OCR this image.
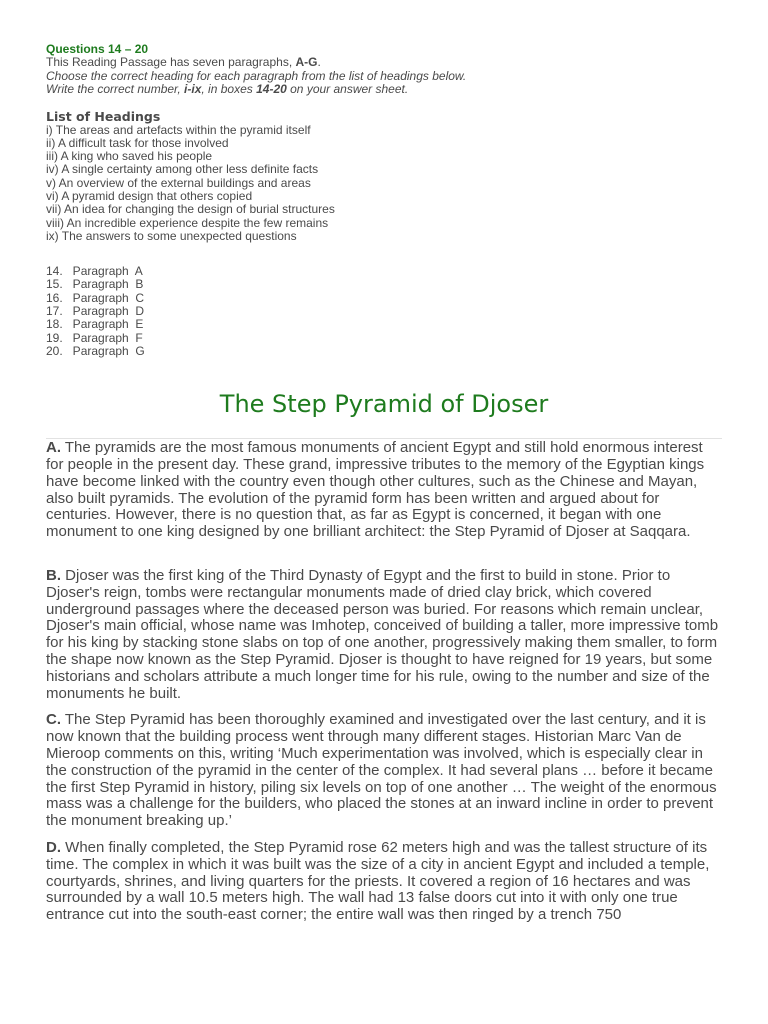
Questions 14 – 20
This Reading Passage has seven paragraphs, A-G.
Choose the correct heading for each paragraph from the list of headings below.
Write the correct number, i-ix, in boxes 14-20 on your answer sheet.
List of Headings
i) The areas and artefacts within the pyramid itself
ii) A difficult task for those involved
iii) A king who saved his people
iv) A single certainty among other less definite facts
v) An overview of the external buildings and areas
vi) A pyramid design that others copied
vii) An idea for changing the design of burial structures
viii) An incredible experience despite the few remains
ix) The answers to some unexpected questions
14.   Paragraph  A
15.   Paragraph  B
16.   Paragraph  C
17.   Paragraph  D
18.   Paragraph  E
19.   Paragraph  F
20.   Paragraph  G
The Step Pyramid of Djoser

A. The pyramids are the most famous monuments of ancient Egypt and still hold enormous interest for people in the present day. These grand, impressive tributes to the memory of the Egyptian kings have become linked with the country even though other cultures, such as the Chinese and Mayan, also built pyramids. The evolution of the pyramid form has been written and argued about for centuries. However, there is no question that, as far as Egypt is concerned, it began with one monument to one king designed by one brilliant architect: the Step Pyramid of Djoser at Saqqara.

B. Djoser was the first king of the Third Dynasty of Egypt and the first to build in stone. Prior to Djoser's reign, tombs were rectangular monuments made of dried clay brick, which covered underground passages where the deceased person was buried. For reasons which remain unclear, Djoser's main official, whose name was Imhotep, conceived of building a taller, more impressive tomb for his king by stacking stone slabs on top of one another, progressively making them smaller, to form the shape now known as the Step Pyramid. Djoser is thought to have reigned for 19 years, but some historians and scholars attribute a much longer time for his rule, owing to the number and size of the monuments he built.

C. The Step Pyramid has been thoroughly examined and investigated over the last century, and it is now known that the building process went through many different stages. Historian Marc Van de Mieroop comments on this, writing ‘Much experimentation was involved, which is especially clear in the construction of the pyramid in the center of the complex. It had several plans … before it became the first Step Pyramid in history, piling six levels on top of one another … The weight of the enormous mass was a challenge for the builders, who placed the stones at an inward incline in order to prevent the monument breaking up.’

D. When finally completed, the Step Pyramid rose 62 meters high and was the tallest structure of its time. The complex in which it was built was the size of a city in ancient Egypt and included a temple, courtyards, shrines, and living quarters for the priests. It covered a region of 16 hectares and was surrounded by a wall 10.5 meters high. The wall had 13 false doors cut into it with only one true entrance cut into the south-east corner; the entire wall was then ringed by a trench 750
